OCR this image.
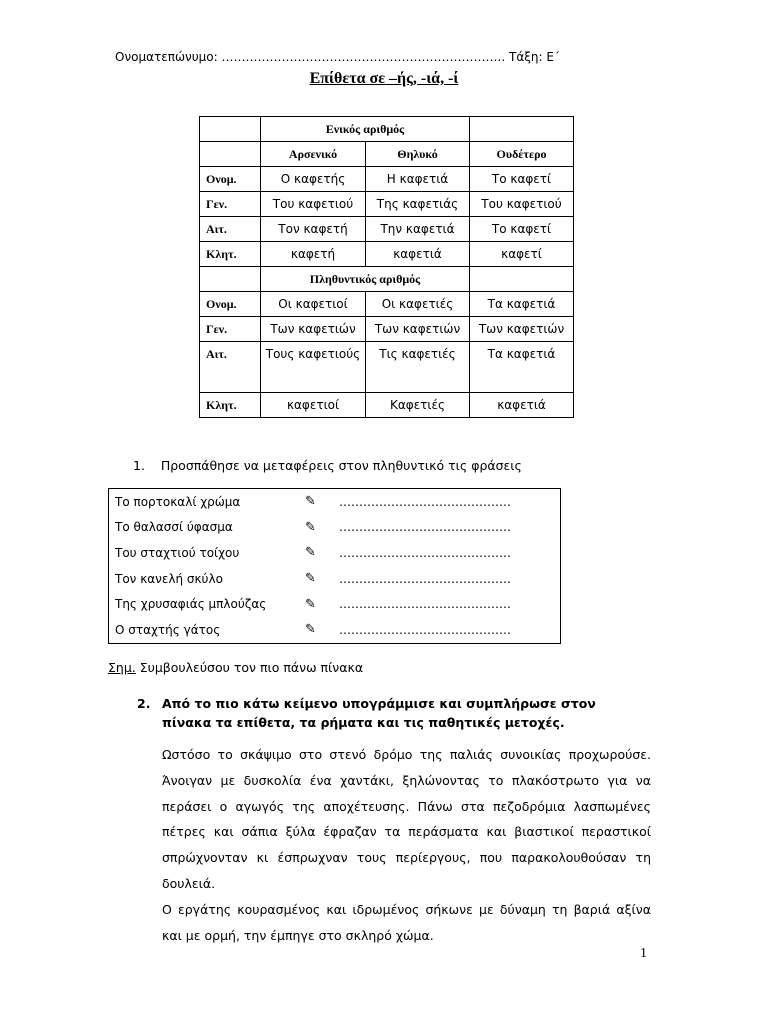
Ονοματεπώνυμο: …………………………………………………………….. Τάξη: Ε΄
Επίθετα σε –ής, -ιά, -ί
	Ενικός αριθμός		
	Αρσενικό	Θηλυκό	Ουδέτερο
Ονομ.	Ο καφετής	Η καφετιά	Το καφετί
Γεν.	Του καφετιού	Της καφετιάς	Του καφετιού
Αιτ.	Τον καφετή	Την καφετιά	Το καφετί
Κλητ.	καφετή	καφετιά	καφετί
	Πληθυντικός αριθμός		
Ονομ.	Οι καφετιοί	Οι καφετιές	Τα καφετιά
Γεν.	Των καφετιών	Των καφετιών	Των καφετιών
Αιτ.	Τους καφετιούς	Τις καφετιές	Τα καφετιά
Κλητ.	καφετιοί	Καφετιές	καφετιά
1. Προσπάθησε να μεταφέρεις στον πληθυντικό τις φράσεις
Το πορτοκαλί χρώμα	✎	…………………………………….
Το θαλασσί ύφασμα	✎	…………………………………….
Του σταχτιού τοίχου	✎	…………………………………….
Τον κανελή σκύλο	✎	…………………………………….
Της χρυσαφιάς μπλούζας	✎	…………………………………….
Ο σταχτής γάτος	✎	…………………………………….
Σημ. Συμβουλεύσου τον πιο πάνω πίνακα
2. Από το πιο κάτω κείμενο υπογράμμισε και συμπλήρωσε στον πίνακα τα επίθετα, τα ρήματα και τις παθητικές μετοχές.

Ωστόσο το σκάψιμο στο στενό δρόμο της παλιάς συνοικίας προχωρούσε. Άνοιγαν με δυσκολία ένα χαντάκι, ξηλώνοντας το πλακόστρωτο για να περάσει ο αγωγός της αποχέτευσης. Πάνω στα πεζοδρόμια λασπωμένες πέτρες και σάπια ξύλα έφραζαν τα περάσματα και βιαστικοί περαστικοί σπρώχνονταν κι έσπρωχναν τους περίεργους, που παρακολουθούσαν τη δουλειά.

Ο εργάτης κουρασμένος και ιδρωμένος σήκωνε με δύναμη τη βαριά αξίνα και με ορμή, την έμπηγε στο σκληρό χώμα.

1
